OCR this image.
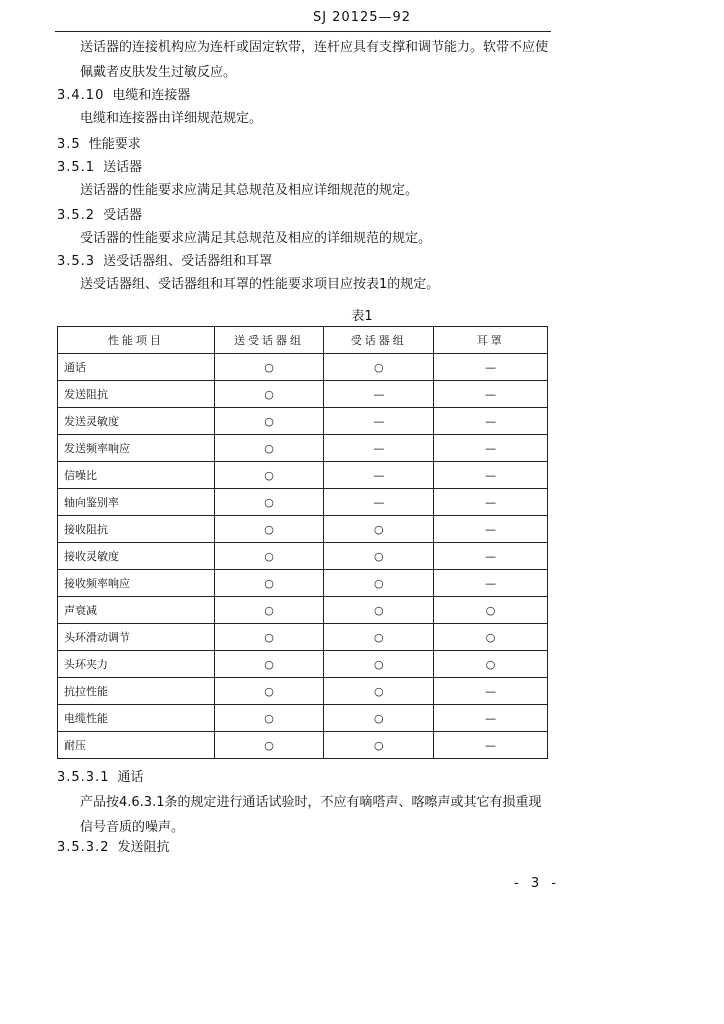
SJ 20125—92
送话器的连接机构应为连杆或固定软带，连杆应具有支撑和调节能力。软带不应使佩戴者皮肤发生过敏反应。
3.4.10 电缆和连接器
电缆和连接器由详细规范规定。
3.5 性能要求
3.5.1 送话器
送话器的性能要求应满足其总规范及相应详细规范的规定。
3.5.2 受话器
受话器的性能要求应满足其总规范及相应的详细规范的规定。
3.5.3 送受话器组、受话器组和耳罩
送受话器组、受话器组和耳罩的性能要求项目应按表1的规定。
表1
性能项目	送受话器组	受话器组	耳罩
通话	○	○	—
发送阻抗	○	—	—
发送灵敏度	○	—	—
发送频率响应	○	—	—
信噪比	○	—	—
轴向鉴别率	○	—	—
接收阻抗	○	○	—
接收灵敏度	○	○	—
接收频率响应	○	○	—
声衰减	○	○	○
头环滑动调节	○	○	○
头环夹力	○	○	○
抗拉性能	○	○	—
电缆性能	○	○	—
耐压	○	○	—
3.5.3.1 通话
产品按4.6.3.1条的规定进行通话试验时，不应有嘀嗒声、喀嚓声或其它有损重现信号音质的噪声。
3.5.3.2 发送阻抗
- 3 -
